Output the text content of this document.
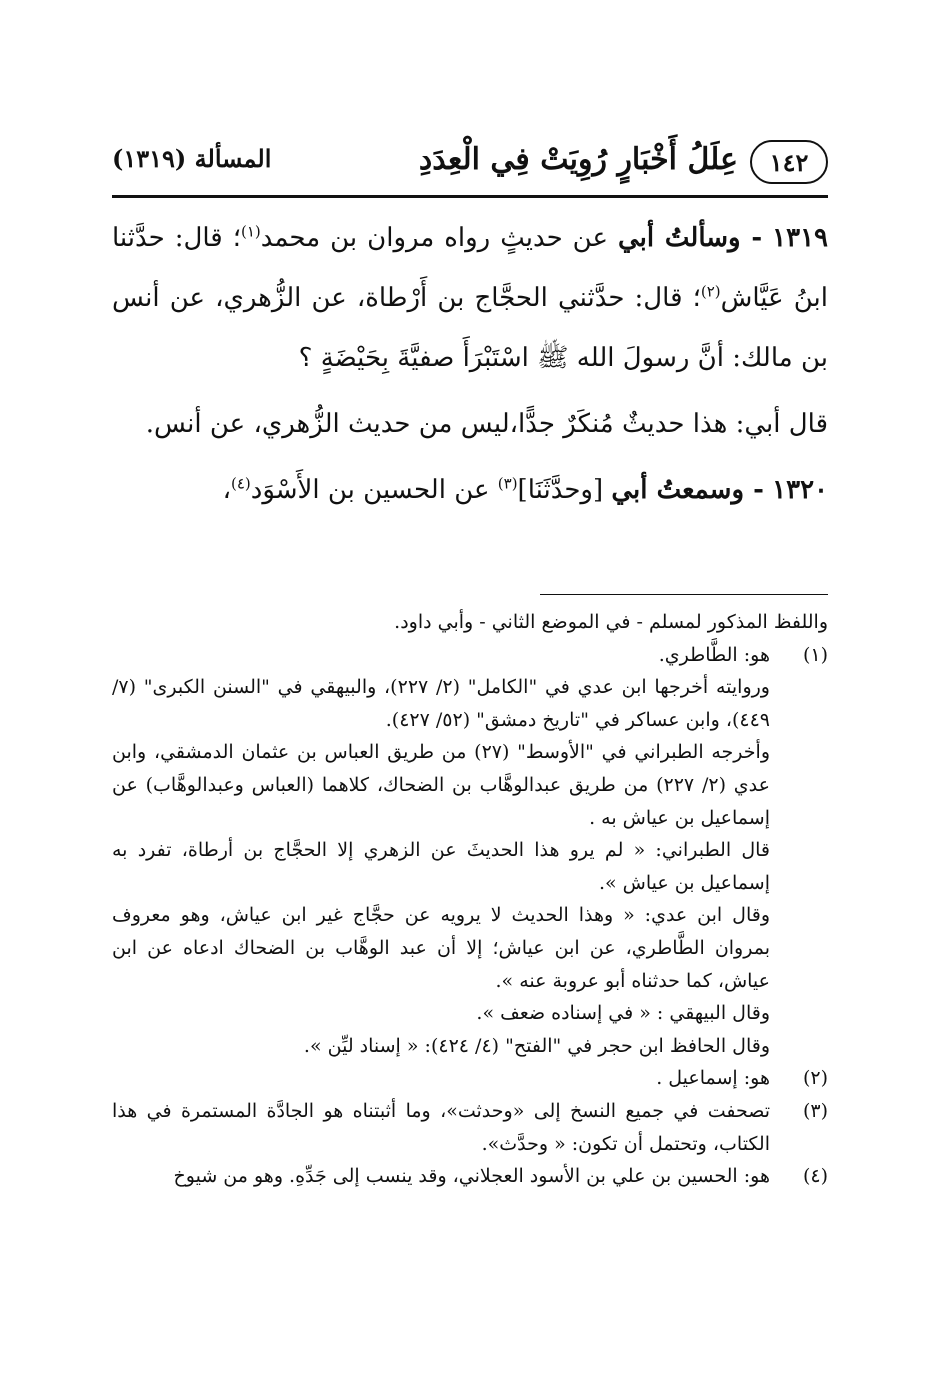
١٤٢
عِلَلُ أَخْبَارٍ رُوِيَتْ فِي الْعِدَدِ
المسألة (١٣١٩)

١٣١٩ - وسألتُ أبي عن حديثٍ رواه مروان بن محمد$^{(١)}$؛ قال: حدَّثنا ابنُ عَيَّاش$^{(٢)}$؛ قال: حدَّثني الحجَّاج بن أَرْطاة، عن الزُّهري، عن أنس بن مالك: أنَّ رسولَ الله ﷺ اسْتَبْرَأَ صفيَّةَ بِحَيْضَةٍ ؟

قال أبي: هذا حديثٌ مُنكَرٌ جدًّا،ليس من حديث الزُّهري، عن أنس.

١٣٢٠ - وسمعتُ أبي [وحدَّثَنَا]$^{(٣)}$ عن الحسين بن الأَسْوَد$^{(٤)}$،

واللفظ المذكور لمسلم - في الموضع الثاني - وأبي داود.

(١)

هو: الطَّاطري.

وروايته أخرجها ابن عدي في "الكامل" (٢/ ٢٢٧)، والبيهقي في "السنن الكبرى" (٧/ ٤٤٩)، وابن عساكر في "تاريخ دمشق" (٥٢/ ٤٢٧).

وأخرجه الطبراني في "الأوسط" (٢٧) من طريق العباس بن عثمان الدمشقي، وابن عدي (٢/ ٢٢٧) من طريق عبدالوهَّاب بن الضحاك، كلاهما (العباس وعبدالوهَّاب) عن إسماعيل بن عياش به .

قال الطبراني: « لم يرو هذا الحديثَ عن الزهري إلا الحجَّاج بن أرطاة، تفرد به إسماعيل بن عياش ».

وقال ابن عدي: « وهذا الحديث لا يرويه عن حجَّاج غير ابن عياش، وهو معروف بمروان الطَّاطري، عن ابن عياش؛ إلا أن عبد الوهَّاب بن الضحاك ادعاه عن ابن عياش، كما حدثناه أبو عروبة عنه ».

وقال البيهقي : « في إسناده ضعف ».

وقال الحافظ ابن حجر في "الفتح" (٤/ ٤٢٤): « إسناد ليِّن ».

(٢)

هو: إسماعيل .

(٣)

تصحفت في جميع النسخ إلى «وحدثت»، وما أثبتناه هو الجادَّة المستمرة في هذا الكتاب، وتحتمل أن تكون: « وحدَّث».

(٤)

هو: الحسين بن علي بن الأسود العجلاني، وقد ينسب إلى جَدِّهِ. وهو من شيوخ
